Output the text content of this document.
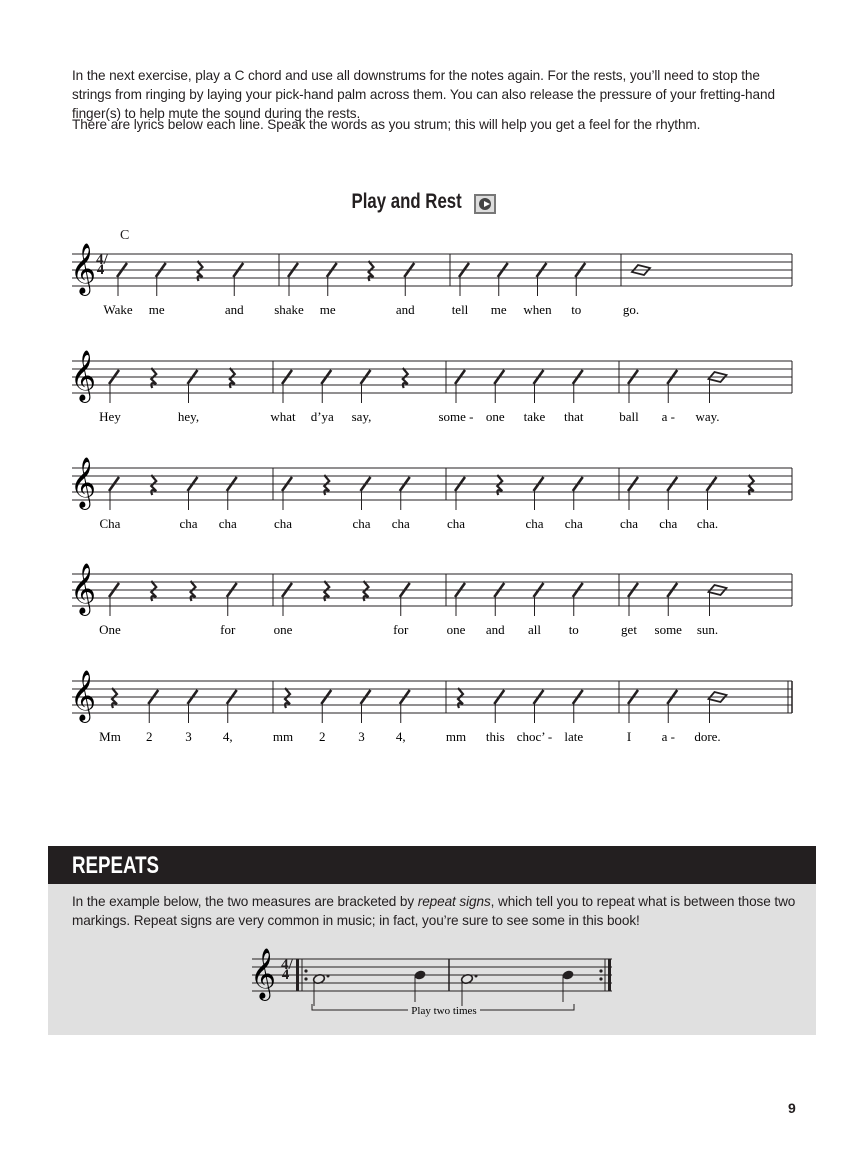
In the next exercise, play a C chord and use all downstrums for the notes again. For the rests, you’ll need to stop the strings from ringing by laying your pick-hand palm across them. You can also release the pressure of your fretting-hand finger(s) to help mute the sound during the rests.
There are lyrics below each line. Speak the words as you strum; this will help you get a feel for the rhythm.
Play and Rest
C
𝄞
Wake me	and shake me	and	tell me when to	go.
𝄞
Hey	hey,	what d’ya say,	some - one take that	ball a - way.
𝄞
Cha	cha cha	cha	cha cha	cha	cha cha	cha cha cha.
𝄞
One	for	one	for	one and all to	get some sun.
𝄞
Mm 2	3 4,	mm 2	3 4,	mm this choc’ - late	I a - dore.
4/4
REPEATS
In the example below, the two measures are bracketed by repeat signs, which tell you to repeat what is between those two markings. Repeat signs are very common in music; in fact, you’re sure to see some in this book!
𝄞
Play two times
4/4
9
